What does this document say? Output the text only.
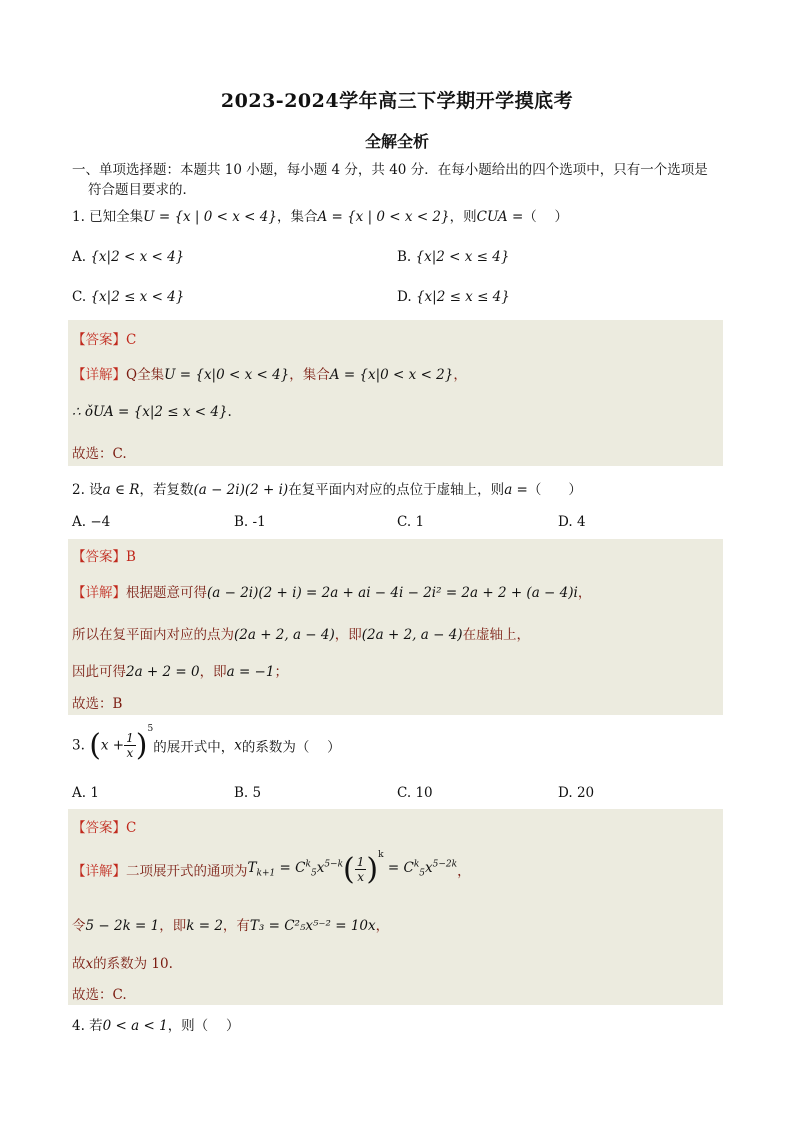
2023-2024学年高三下学期开学摸底考
全解全析
一、单项选择题：本题共 10 小题，每小题 4 分，共 40 分．在每小题给出的四个选项中，只有一个选项是
符合题目要求的．
1. 已知全集U = {x | 0 < x < 4}，集合A = {x | 0 < x < 2}，则CUA =（　 ）
A. {x|2 < x < 4}	B. {x|2 < x ≤ 4}
C. {x|2 ≤ x < 4}	D. {x|2 ≤ x ≤ 4}
【答案】C
【详解】Q全集U = {x|0 < x < 4}，集合A = {x|0 < x < 2}，
∴ ǒUA = {x|2 ≤ x < 4}.
故选：C.
2. 设a ∈ R，若复数(a − 2i)(2 + i)在复平面内对应的点位于虚轴上，则a =（　　）
A. −4	B. -1	C. 1	D. 4
【答案】B
【详解】根据题意可得(a − 2i)(2 + i) = 2a + ai − 4i − 2i² = 2a + 2 + (a − 4)i，
所以在复平面内对应的点为(2a + 2, a − 4)，即(2a + 2, a − 4)在虚轴上，
因此可得2a + 2 = 0，即a = −1；
故选：B
3. $(x + \frac{1}{x} )^5$的展开式中，x的系数为（　 ）
A. 1	B. 5	C. 10	D. 20
【答案】C
【详解】二项展开式的通项为$T_{k+1} = C^k_5x^{5-k}( \frac{1}{x} )^k = C^k_5x^{5-2k}$，
令5 − 2k = 1，即k = 2，有T₃ = C²₅x⁵⁻² = 10x，
故x的系数为 10.
故选：C.
4. 若0 < a < 1，则（　 ）
